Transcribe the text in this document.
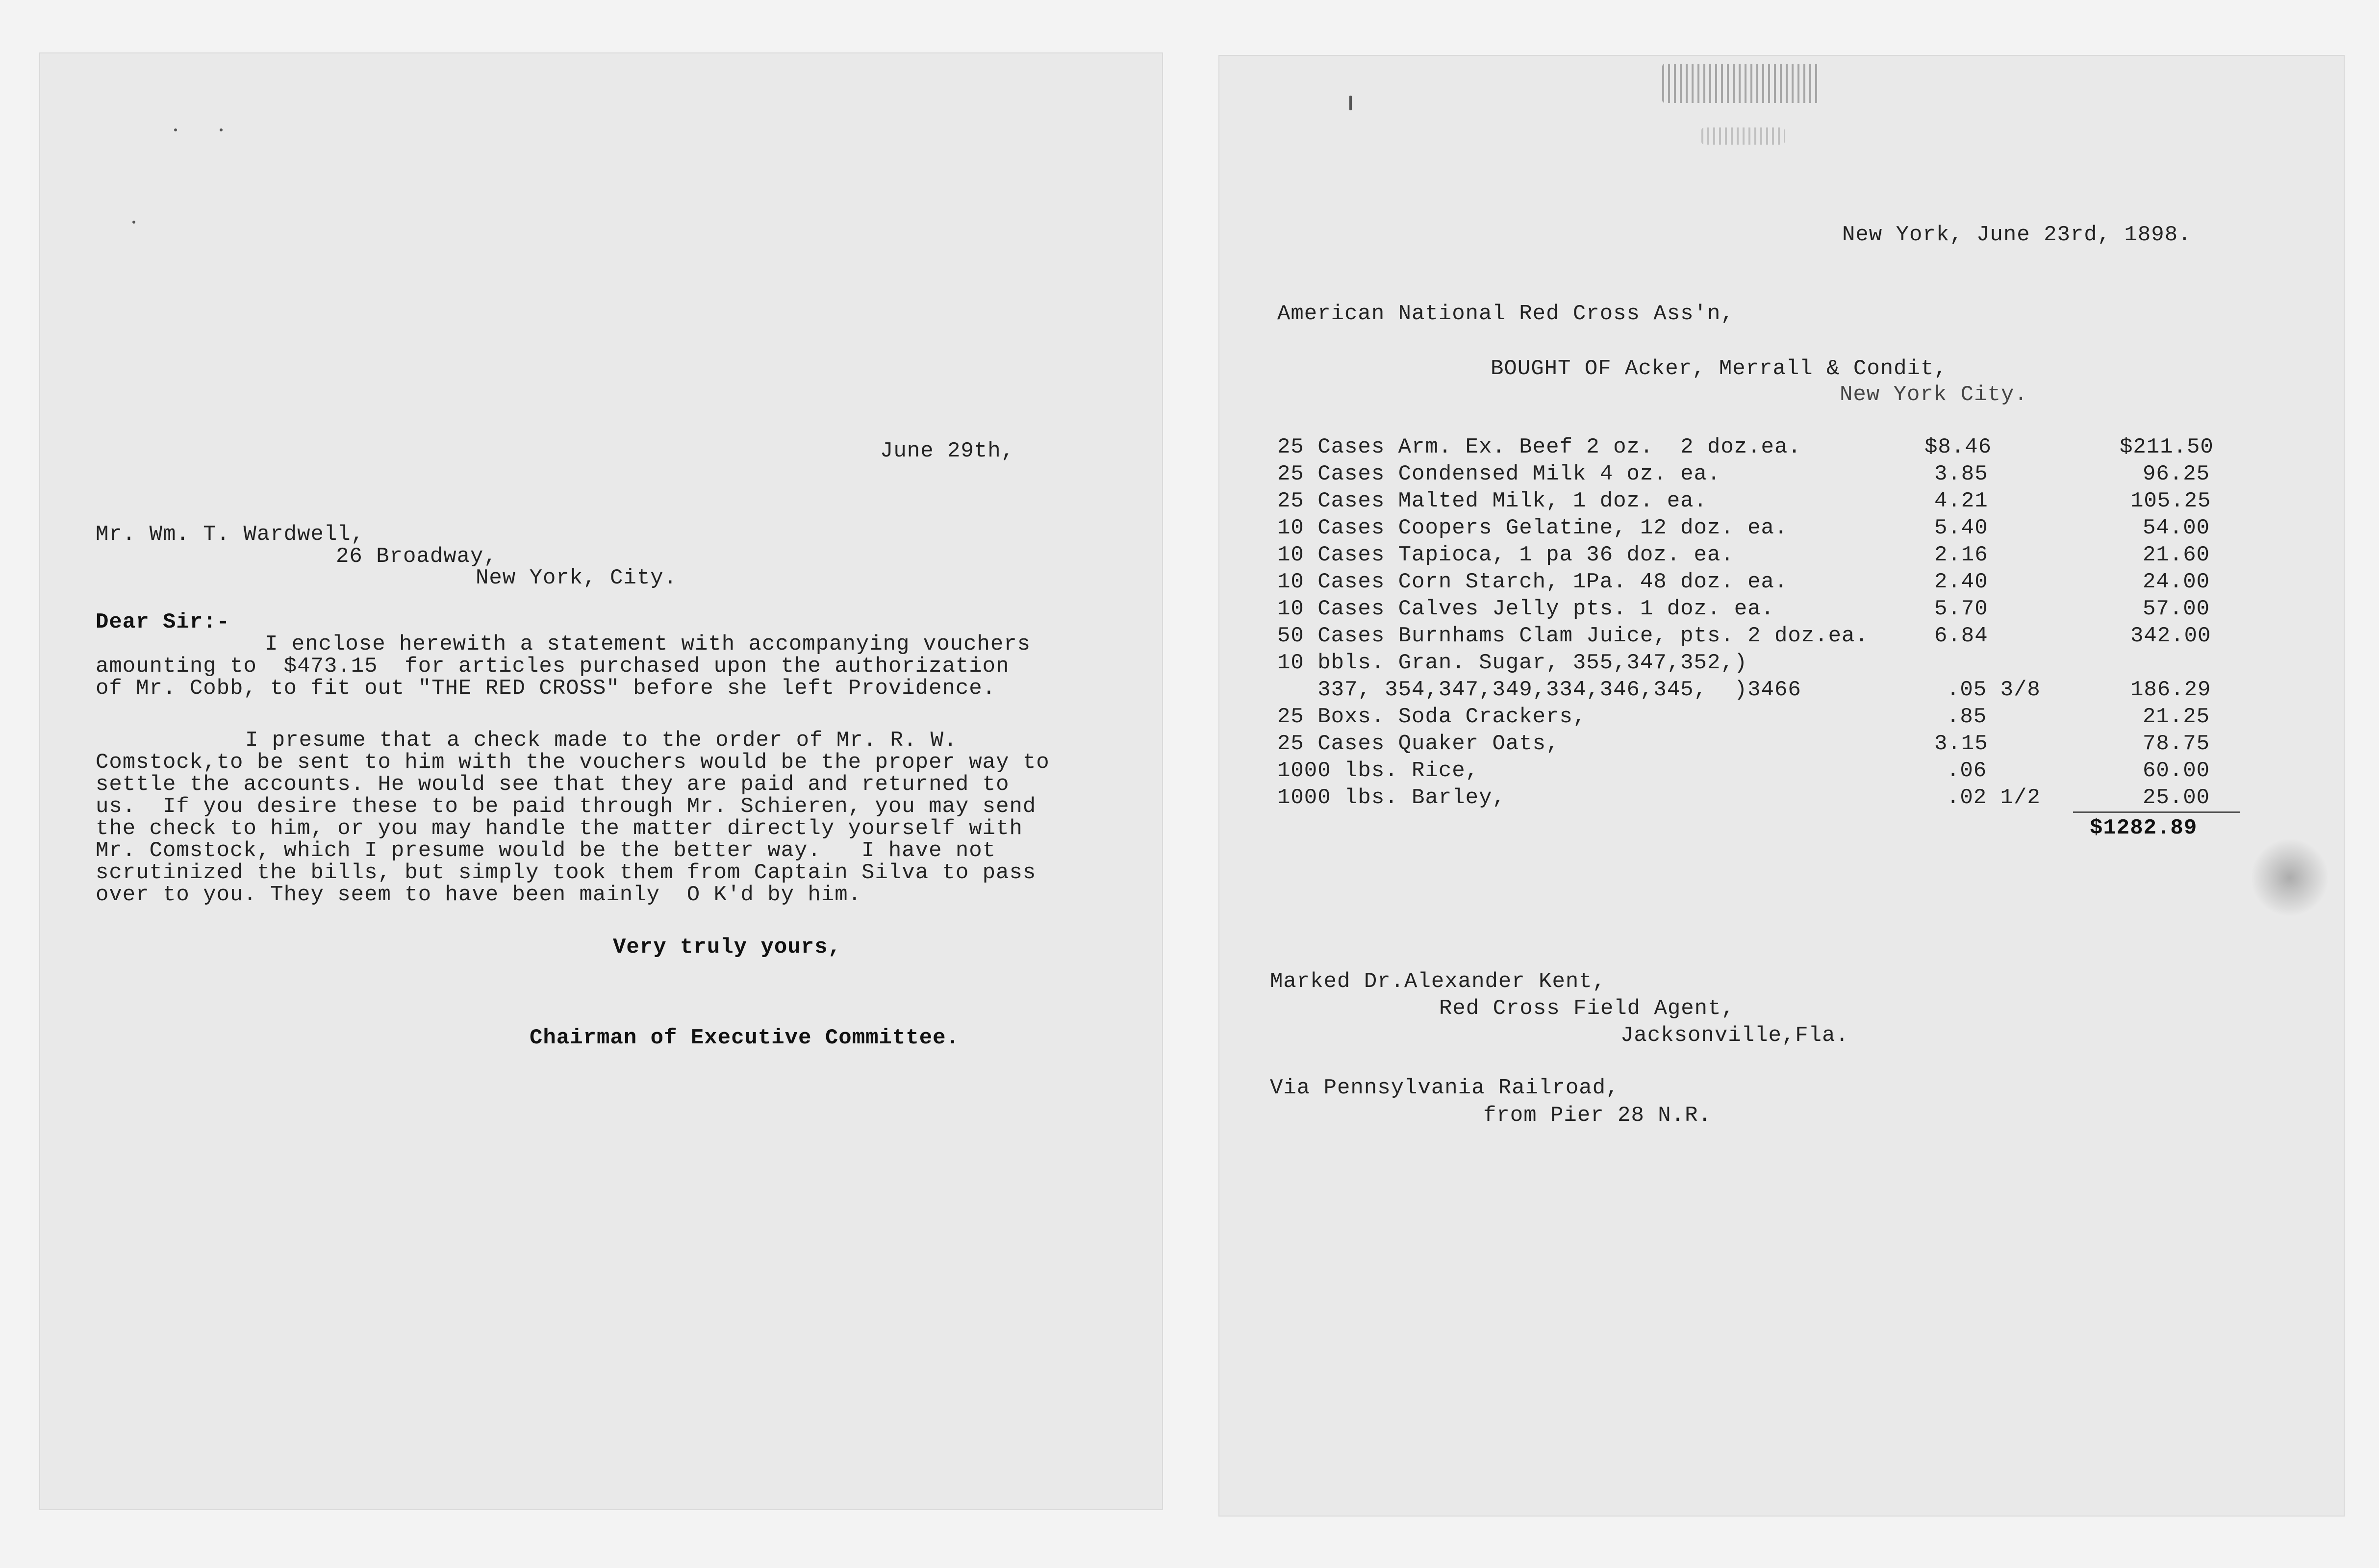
June 29th,
Mr. Wm. T. Wardwell,
26 Broadway,
New York, City.
Dear Sir:-
I enclose herewith a statement with accompanying vouchers
amounting to  $473.15  for articles purchased upon the authorization
of Mr. Cobb, to fit out "THE RED CROSS" before she left Providence.
I presume that a check made to the order of Mr. R. W.
Comstock,to be sent to him with the vouchers would be the proper way to
settle the accounts. He would see that they are paid and returned to
us.  If you desire these to be paid through Mr. Schieren, you may send
the check to him, or you may handle the matter directly yourself with
Mr. Comstock, which I presume would be the better way.   I have not
scrutinized the bills, but simply took them from Captain Silva to pass
over to you. They seem to have been mainly  O K'd by him.
Very truly yours,
Chairman of Executive Committee.
New York, June 23rd, 1898.
American National Red Cross Ass'n,
BOUGHT OF Acker, Merrall & Condit,
New York City.
25 Cases Arm. Ex. Beef 2 oz.  2 doz.ea.	$8.46	$211.50
25 Cases Condensed Milk 4 oz. ea.	3.85	96.25
25 Cases Malted Milk, 1 doz. ea.	4.21	105.25
10 Cases Coopers Gelatine, 12 doz. ea.	5.40	54.00
10 Cases Tapioca, 1 pa 36 doz. ea.	2.16	21.60
10 Cases Corn Starch, 1Pa. 48 doz. ea.	2.40	24.00
10 Cases Calves Jelly pts. 1 doz. ea.	5.70	57.00
50 Cases Burnhams Clam Juice, pts. 2 doz.ea.	6.84	342.00
10 bbls. Gran. Sugar, 355,347,352,)
337, 354,347,349,334,346,345,  )3466	.05 3/8	186.29
25 Boxs. Soda Crackers,	.85	21.25
25 Cases Quaker Oats,	3.15	78.75
1000 lbs. Rice,	.06	60.00
1000 lbs. Barley,	.02 1/2	25.00
$1282.89
Marked Dr.Alexander Kent,
Red Cross Field Agent,
Jacksonville,Fla.
Via Pennsylvania Railroad,
from Pier 28 N.R.
